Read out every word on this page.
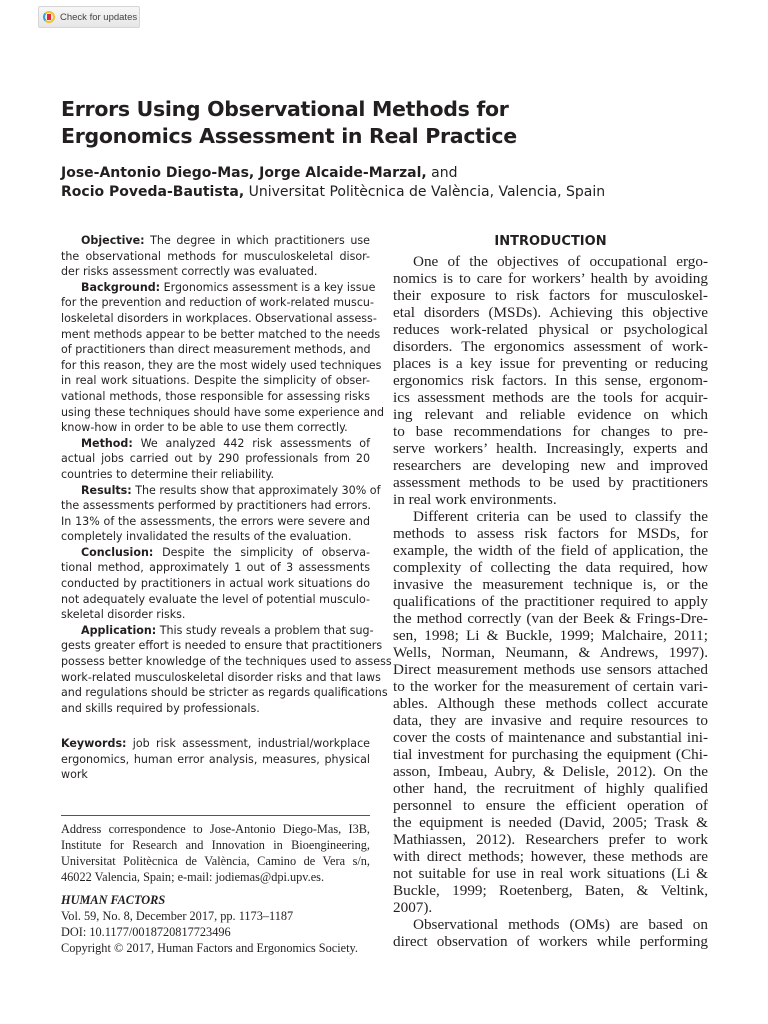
Check for updates
Errors Using Observational Methods for
Ergonomics Assessment in Real Practice
Jose-Antonio Diego-Mas, Jorge Alcaide-Marzal, and
Rocio Poveda-Bautista, Universitat Politècnica de València, Valencia, Spain
Objective: The degree in which practitioners use
the observational methods for musculoskeletal disor-
der risks assessment correctly was evaluated.
Background: Ergonomics assessment is a key issue
for the prevention and reduction of work-related muscu-
loskeletal disorders in workplaces. Observational assess-
ment methods appear to be better matched to the needs
of practitioners than direct measurement methods, and
for this reason, they are the most widely used techniques
in real work situations. Despite the simplicity of obser-
vational methods, those responsible for assessing risks
using these techniques should have some experience and
know-how in order to be able to use them correctly.
Method: We analyzed 442 risk assessments of
actual jobs carried out by 290 professionals from 20
countries to determine their reliability.
Results: The results show that approximately 30% of
the assessments performed by practitioners had errors.
In 13% of the assessments, the errors were severe and
completely invalidated the results of the evaluation.
Conclusion: Despite the simplicity of observa-
tional method, approximately 1 out of 3 assessments
conducted by practitioners in actual work situations do
not adequately evaluate the level of potential musculo-
skeletal disorder risks.
Application: This study reveals a problem that sug-
gests greater effort is needed to ensure that practitioners
possess better knowledge of the techniques used to assess
work-related musculoskeletal disorder risks and that laws
and regulations should be stricter as regards qualifications
and skills required by professionals.
Keywords: job risk assessment, industrial/workplace
ergonomics, human error analysis, measures, physical
work
Address correspondence to Jose-Antonio Diego-Mas, I3B,
Institute for Research and Innovation in Bioengineering,
Universitat Politècnica de València, Camino de Vera s/n,
46022 Valencia, Spain; e-mail: jodiemas@dpi.upv.es.
HUMAN FACTORS
Vol. 59, No. 8, December 2017, pp. 1173–1187
DOI: 10.1177/0018720817723496
Copyright © 2017, Human Factors and Ergonomics Society.
INTRODUCTION
One of the objectives of occupational ergo-
nomics is to care for workers’ health by avoiding
their exposure to risk factors for musculoskel-
etal disorders (MSDs). Achieving this objective
reduces work-related physical or psychological
disorders. The ergonomics assessment of work-
places is a key issue for preventing or reducing
ergonomics risk factors. In this sense, ergonom-
ics assessment methods are the tools for acquir-
ing relevant and reliable evidence on which
to base recommendations for changes to pre-
serve workers’ health. Increasingly, experts and
researchers are developing new and improved
assessment methods to be used by practitioners
in real work environments.
Different criteria can be used to classify the
methods to assess risk factors for MSDs, for
example, the width of the field of application, the
complexity of collecting the data required, how
invasive the measurement technique is, or the
qualifications of the practitioner required to apply
the method correctly (van der Beek & Frings-Dre-
sen, 1998; Li & Buckle, 1999; Malchaire, 2011;
Wells, Norman, Neumann, & Andrews, 1997).
Direct measurement methods use sensors attached
to the worker for the measurement of certain vari-
ables. Although these methods collect accurate
data, they are invasive and require resources to
cover the costs of maintenance and substantial ini-
tial investment for purchasing the equipment (Chi-
asson, Imbeau, Aubry, & Delisle, 2012). On the
other hand, the recruitment of highly qualified
personnel to ensure the efficient operation of
the equipment is needed (David, 2005; Trask &
Mathiassen, 2012). Researchers prefer to work
with direct methods; however, these methods are
not suitable for use in real work situations (Li &
Buckle, 1999; Roetenberg, Baten, & Veltink,
2007).
Observational methods (OMs) are based on
direct observation of workers while performing
